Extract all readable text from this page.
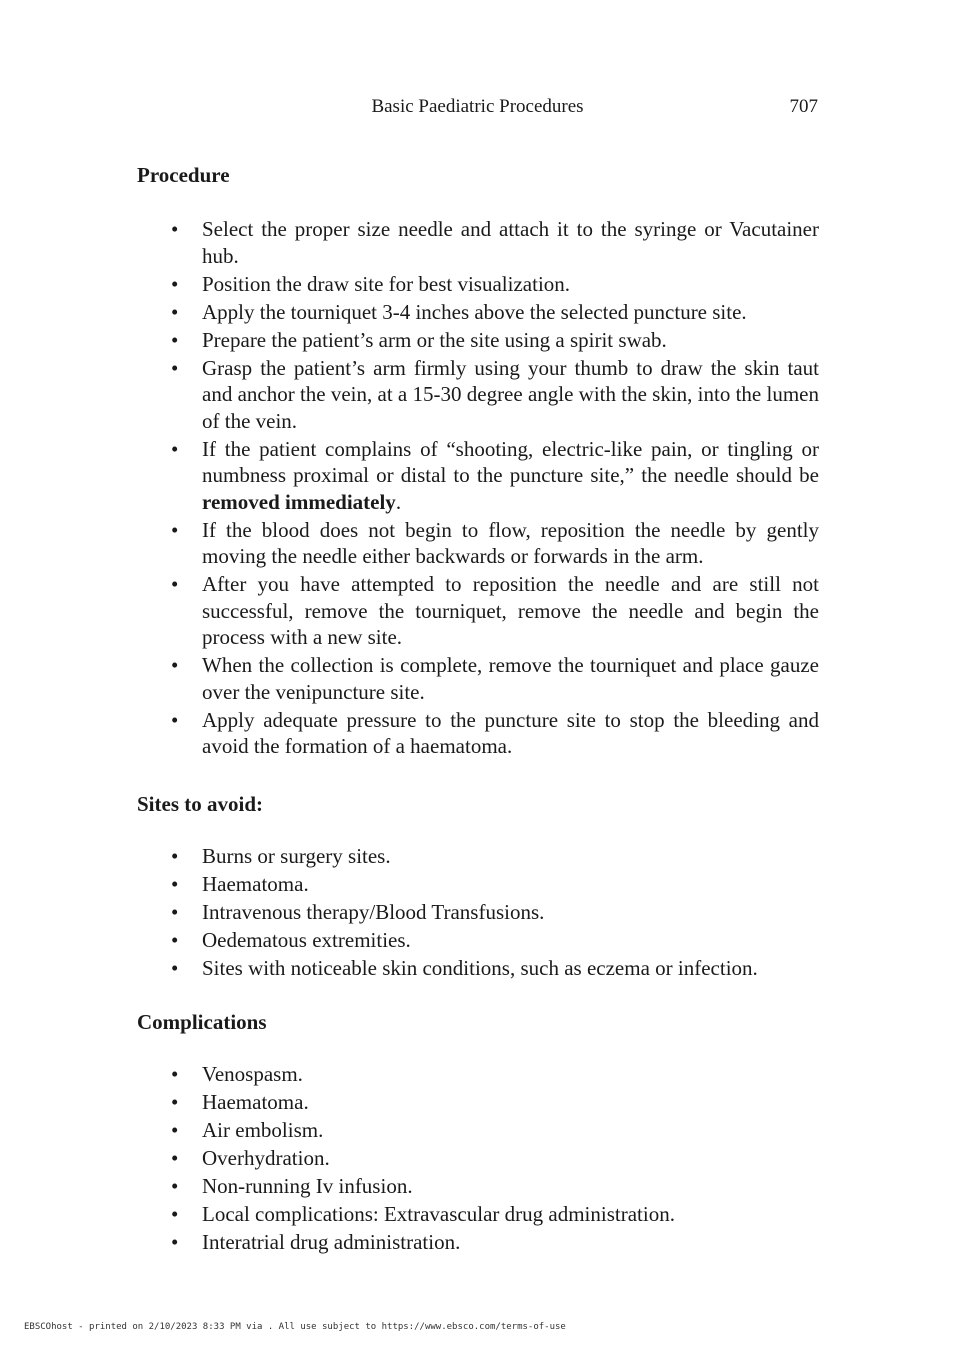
Basic Paediatric Procedures	707
Procedure
• Select the proper size needle and attach it to the syringe or Vacutainer hub.
• Position the draw site for best visualization.
• Apply the tourniquet 3-4 inches above the selected puncture site.
• Prepare the patient’s arm or the site using a spirit swab.
• Grasp the patient’s arm firmly using your thumb to draw the skin taut and anchor the vein, at a 15-30 degree angle with the skin, into the lumen of the vein.
• If the patient complains of “shooting, electric-like pain, or tingling or numbness proximal or distal to the puncture site,” the needle should be removed immediately.
• If the blood does not begin to flow, reposition the needle by gently moving the needle either backwards or forwards in the arm.
• After you have attempted to reposition the needle and are still not successful, remove the tourniquet, remove the needle and begin the process with a new site.
• When the collection is complete, remove the tourniquet and place gauze over the venipuncture site.
• Apply adequate pressure to the puncture site to stop the bleeding and avoid the formation of a haematoma.
Sites to avoid:
• Burns or surgery sites.
• Haematoma.
• Intravenous therapy/Blood Transfusions.
• Oedematous extremities.
• Sites with noticeable skin conditions, such as eczema or infection.
Complications
• Venospasm.
• Haematoma.
• Air embolism.
• Overhydration.
• Non-running Iv infusion.
• Local complications: Extravascular drug administration.
• Interatrial drug administration.
EBSCOhost - printed on 2/10/2023 8:33 PM via . All use subject to https://www.ebsco.com/terms-of-use
